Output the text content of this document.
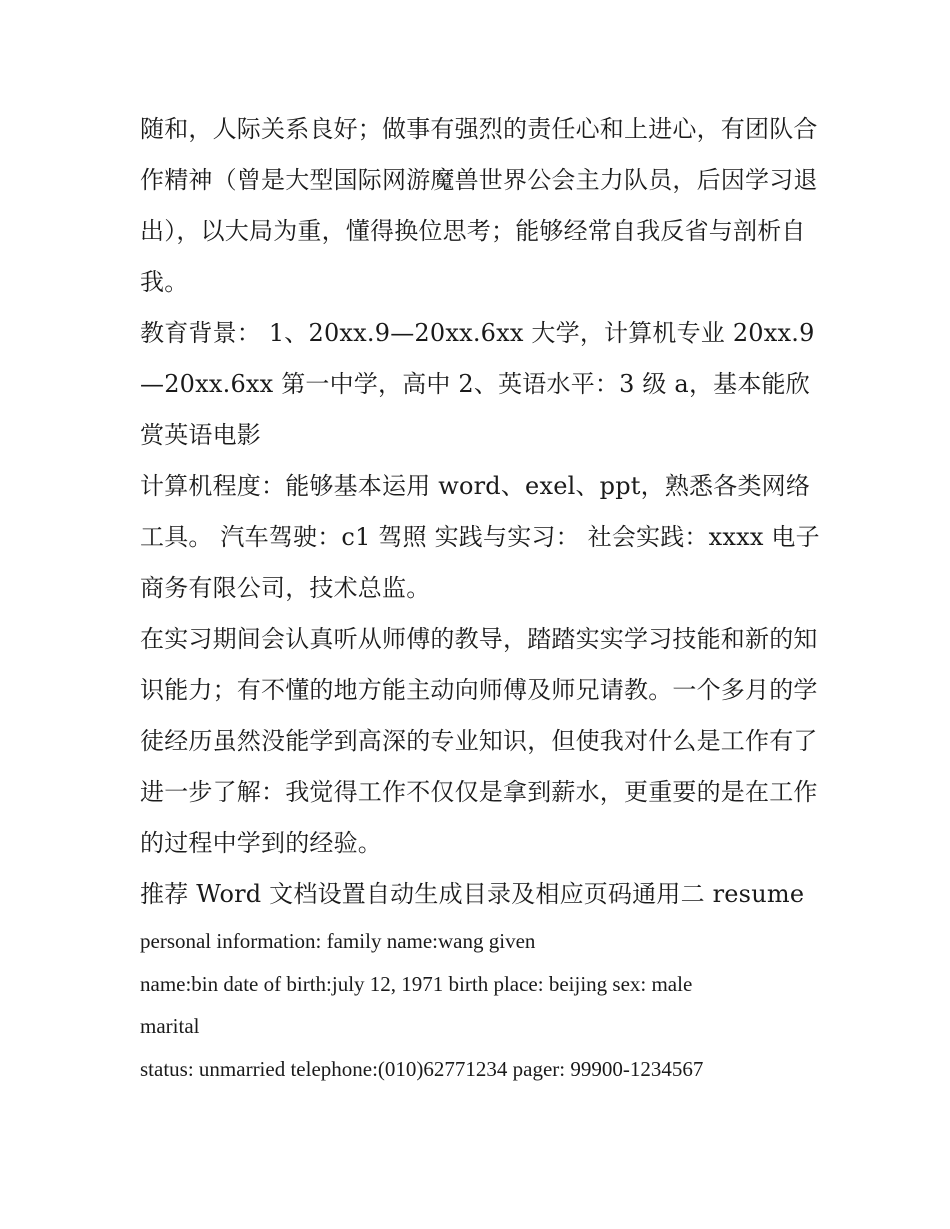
随和，人际关系良好；做事有强烈的责任心和上进心，有团队合作精神（曾是大型国际网游魔兽世界公会主力队员，后因学习退出），以大局为重，懂得换位思考；能够经常自我反省与剖析自我。

教育背景： 1、20xx.9—20xx.6xx 大学，计算机专业 20xx.9—20xx.6xx 第一中学，高中 2、英语水平：3 级 a，基本能欣赏英语电影

计算机程度：能够基本运用 word、exel、ppt，熟悉各类网络工具。 汽车驾驶：c1 驾照 实践与实习： 社会实践：xxxx 电子商务有限公司，技术总监。

在实习期间会认真听从师傅的教导，踏踏实实学习技能和新的知识能力；有不懂的地方能主动向师傅及师兄请教。一个多月的学徒经历虽然没能学到高深的专业知识，但使我对什么是工作有了进一步了解：我觉得工作不仅仅是拿到薪水，更重要的是在工作的过程中学到的经验。

推荐 Word 文档设置自动生成目录及相应页码通用二 resume

personal information: family name:wang given

name:bin date of birth:july 12, 1971 birth place: beijing sex: male

marital

status: unmarried telephone:(010)62771234 pager: 99900-1234567
